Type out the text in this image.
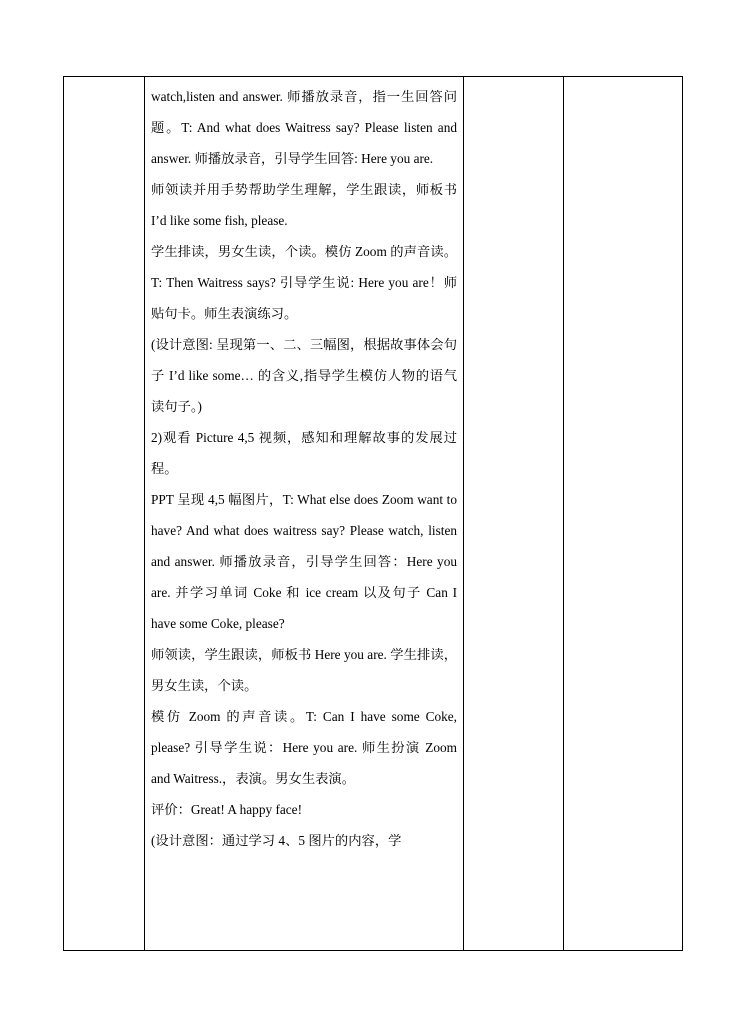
watch,listen and answer. 师播放录音，指一生回答问题。T: And what does Waitress say? Please listen and answer. 师播放录音，引导学生回答: Here you are.

师领读并用手势帮助学生理解，学生跟读，师板书 I’d like some fish, please.

学生排读，男女生读，个读。模仿 Zoom 的声音读。T: Then Waitress says? 引导学生说: Here you are！师贴句卡。师生表演练习。

(设计意图: 呈现第一、二、三幅图，根据故事体会句子 I’d like some… 的含义,指导学生模仿人物的语气读句子。)

2)观看 Picture 4,5 视频，感知和理解故事的发展过程。

PPT 呈现 4,5 幅图片，T: What else does Zoom want to have? And what does waitress say? Please watch, listen and answer. 师播放录音，引导学生回答：Here you are. 并学习单词 Coke 和 ice cream 以及句子 Can I have some Coke, please?

师领读，学生跟读，师板书 Here you are. 学生排读，男女生读，个读。

模仿 Zoom 的声音读。T: Can I have some Coke, please? 引导学生说：Here you are. 师生扮演 Zoom and Waitress.，表演。男女生表演。

评价：Great! A happy face!

(设计意图：通过学习 4、5 图片的内容，学
